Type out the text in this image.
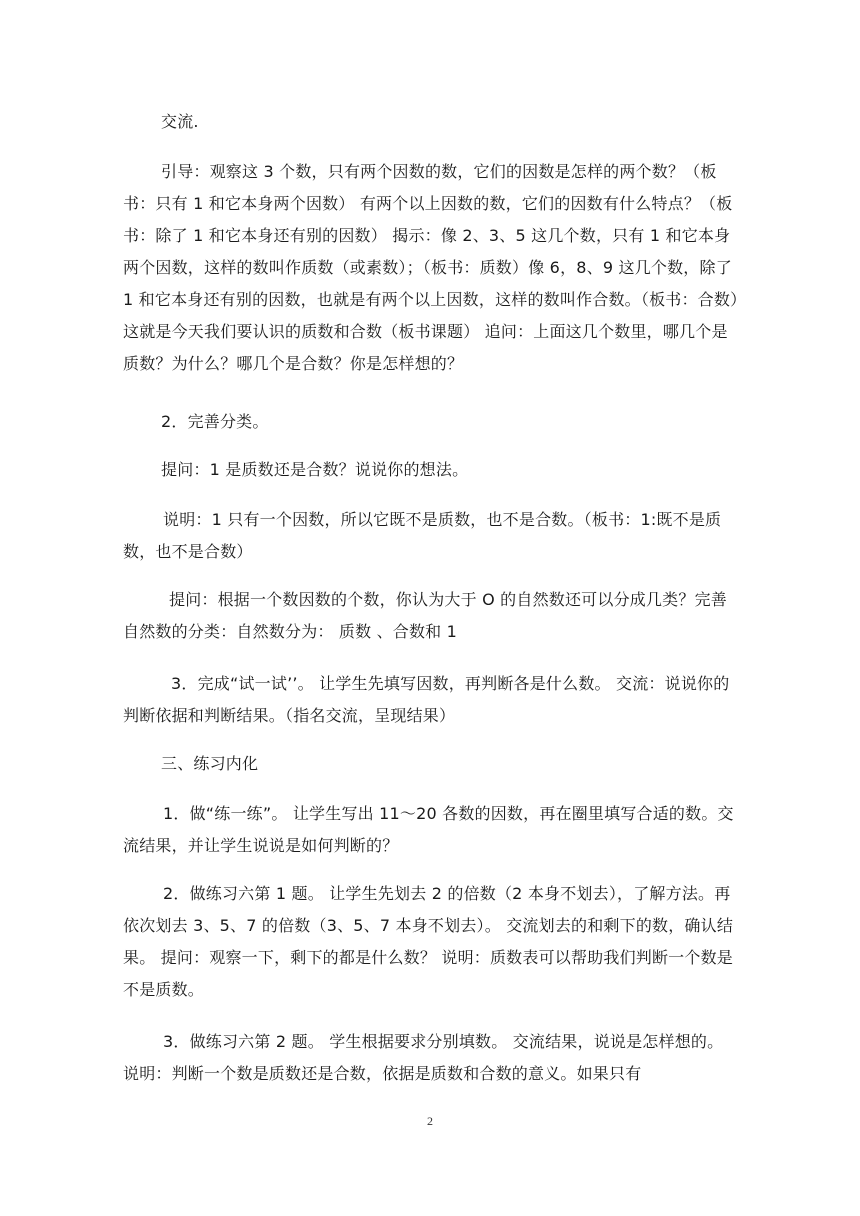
交流.

引导：观察这 3 个数，只有两个因数的数，它们的因数是怎样的两个数？（板书：只有 1 和它本身两个因数） 有两个以上因数的数，它们的因数有什么特点？（板书：除了 1 和它本身还有别的因数） 揭示：像 2、3、5 这几个数，只有 1 和它本身两个因数，这样的数叫作质数（或素数）；（板书：质数）像 6，8、9 这几个数，除了 1 和它本身还有别的因数，也就是有两个以上因数，这样的数叫作合数。（板书：合数）这就是今天我们要认识的质数和合数（板书课题） 追问：上面这几个数里，哪几个是质数？为什么？哪几个是合数？你是怎样想的？

2．完善分类。

提问：1 是质数还是合数？说说你的想法。

说明：1 只有一个因数，所以它既不是质数，也不是合数。（板书：1:既不是质数，也不是合数）

提问：根据一个数因数的个数，你认为大于 O 的自然数还可以分成几类？完善自然数的分类：自然数分为： 质数 、合数和 1

3．完成“试一试’’。 让学生先填写因数，再判断各是什么数。 交流：说说你的判断依据和判断结果。（指名交流，呈现结果）

三、练习内化

1．做“练一练”。 让学生写出 11～20 各数的因数，再在圈里填写合适的数。交流结果，并让学生说说是如何判断的？

2．做练习六第 1 题。 让学生先划去 2 的倍数（2 本身不划去），了解方法。再依次划去 3、5、7 的倍数（3、5、7 本身不划去）。 交流划去的和剩下的数，确认结果。 提问：观察一下，剩下的都是什么数？ 说明：质数表可以帮助我们判断一个数是不是质数。

3．做练习六第 2 题。 学生根据要求分别填数。 交流结果，说说是怎样想的。 说明：判断一个数是质数还是合数，依据是质数和合数的意义。如果只有

2
